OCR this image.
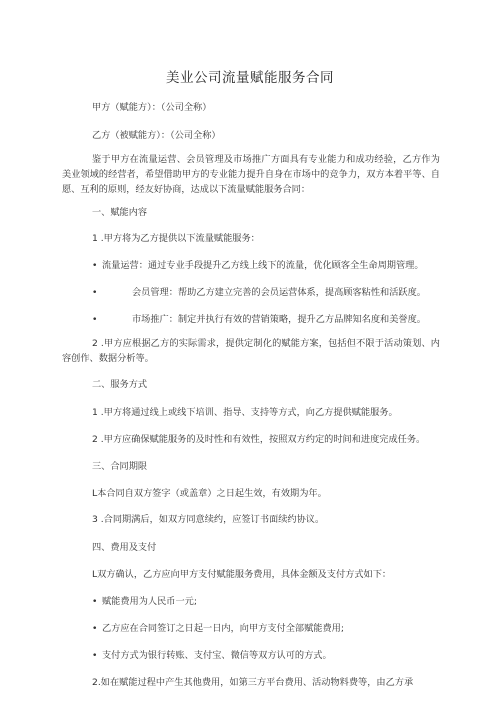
美业公司流量赋能服务合同
甲方（赋能方）：（公司全称）
乙方（被赋能方）：（公司全称）
鉴于甲方在流量运营、会员管理及市场推广方面具有专业能力和成功经验，乙方作为美业领域的经营者，希望借助甲方的专业能力提升自身在市场中的竞争力，双方本着平等、自愿、互利的原则，经友好协商，达成以下流量赋能服务合同：
一、赋能内容
1 .甲方将为乙方提供以下流量赋能服务：
• 流量运营：通过专业手段提升乙方线上线下的流量，优化顾客全生命周期管理。
•	会员管理：帮助乙方建立完善的会员运营体系，提高顾客粘性和活跃度。
•	市场推广：制定并执行有效的营销策略，提升乙方品牌知名度和美誉度。
2 .甲方应根据乙方的实际需求，提供定制化的赋能方案，包括但不限于活动策划、内容创作、数据分析等。
二、服务方式
1 .甲方将通过线上或线下培训、指导、支持等方式，向乙方提供赋能服务。
2 .甲方应确保赋能服务的及时性和有效性，按照双方约定的时间和进度完成任务。
三、合同期限
L本合同自双方签字（或盖章）之日起生效，有效期为年。
3 .合同期满后，如双方同意续约，应签订书面续约协议。
四、费用及支付
L双方确认，乙方应向甲方支付赋能服务费用，具体金额及支付方式如下：
• 赋能费用为人民币一元;
• 乙方应在合同签订之日起一日内，向甲方支付全部赋能费用;
• 支付方式为银行转账、支付宝、微信等双方认可的方式。
2.如在赋能过程中产生其他费用，如第三方平台费用、活动物料费等，由乙方承
